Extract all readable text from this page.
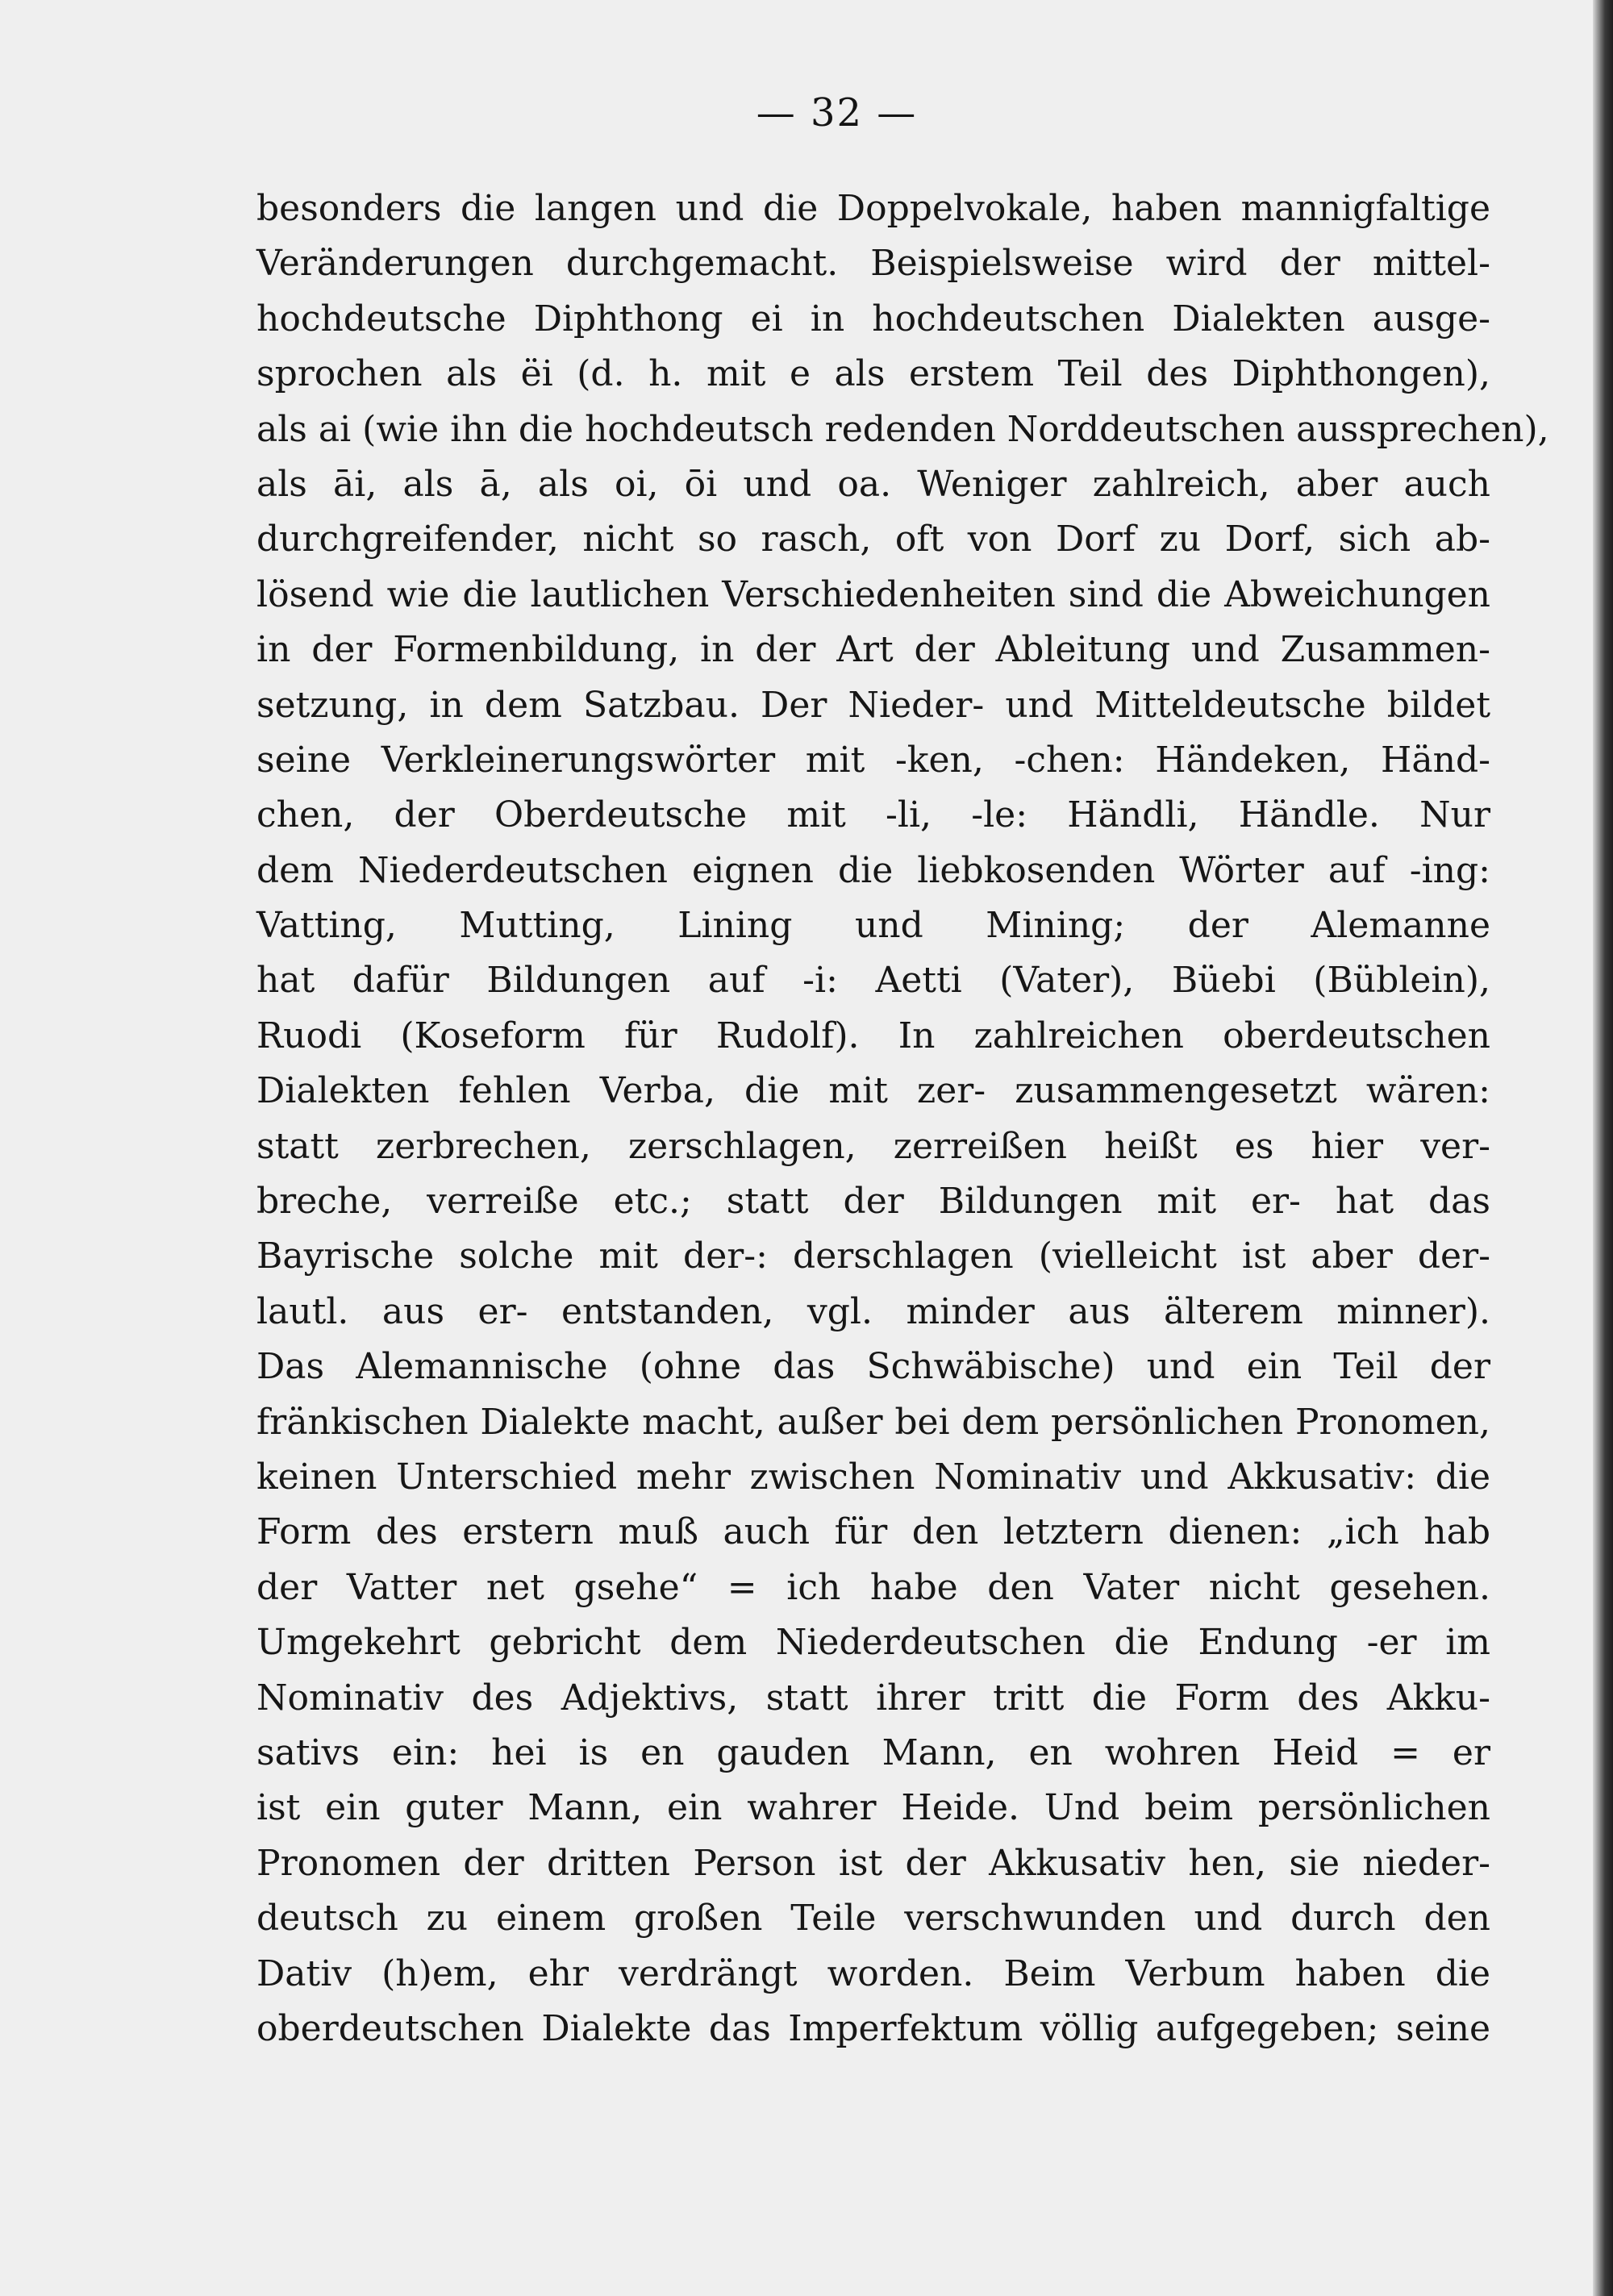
— 32 —
besonders die langen und die Doppelvokale, haben mannigfaltige
Veränderungen durchgemacht. Beispielsweise wird der mittel-
hochdeutsche Diphthong ei in hochdeutschen Dialekten ausge-
sprochen als ëi (d. h. mit e als erstem Teil des Diphthongen),
als ai (wie ihn die hochdeutsch redenden Norddeutschen aussprechen),
als āi, als ā, als oi, ōi und oa. Weniger zahlreich, aber auch
durchgreifender, nicht so rasch, oft von Dorf zu Dorf, sich ab-
lösend wie die lautlichen Verschiedenheiten sind die Abweichungen
in der Formenbildung, in der Art der Ableitung und Zusammen-
setzung, in dem Satzbau. Der Nieder- und Mitteldeutsche bildet
seine Verkleinerungswörter mit -ken, -chen: Händeken, Händ-
chen, der Oberdeutsche mit -li, -le: Händli, Händle. Nur
dem Niederdeutschen eignen die liebkosenden Wörter auf -ing:
Vatting, Mutting, Lining und Mining; der Alemanne
hat dafür Bildungen auf -i: Aetti (Vater), Büebi (Büblein),
Ruodi (Koseform für Rudolf). In zahlreichen oberdeutschen
Dialekten fehlen Verba, die mit zer- zusammengesetzt wären:
statt zerbrechen, zerschlagen, zerreißen heißt es hier ver-
breche, verreiße etc.; statt der Bildungen mit er- hat das
Bayrische solche mit der-: derschlagen (vielleicht ist aber der-
lautl. aus er- entstanden, vgl. minder aus älterem minner).
Das Alemannische (ohne das Schwäbische) und ein Teil der
fränkischen Dialekte macht, außer bei dem persönlichen Pronomen,
keinen Unterschied mehr zwischen Nominativ und Akkusativ: die
Form des erstern muß auch für den letztern dienen: „ich hab
der Vatter net gsehe“ = ich habe den Vater nicht gesehen.
Umgekehrt gebricht dem Niederdeutschen die Endung -er im
Nominativ des Adjektivs, statt ihrer tritt die Form des Akku-
sativs ein: hei is en gauden Mann, en wohren Heid = er
ist ein guter Mann, ein wahrer Heide. Und beim persönlichen
Pronomen der dritten Person ist der Akkusativ hen, sie nieder-
deutsch zu einem großen Teile verschwunden und durch den
Dativ (h)em, ehr verdrängt worden. Beim Verbum haben die
oberdeutschen Dialekte das Imperfektum völlig aufgegeben; seine
